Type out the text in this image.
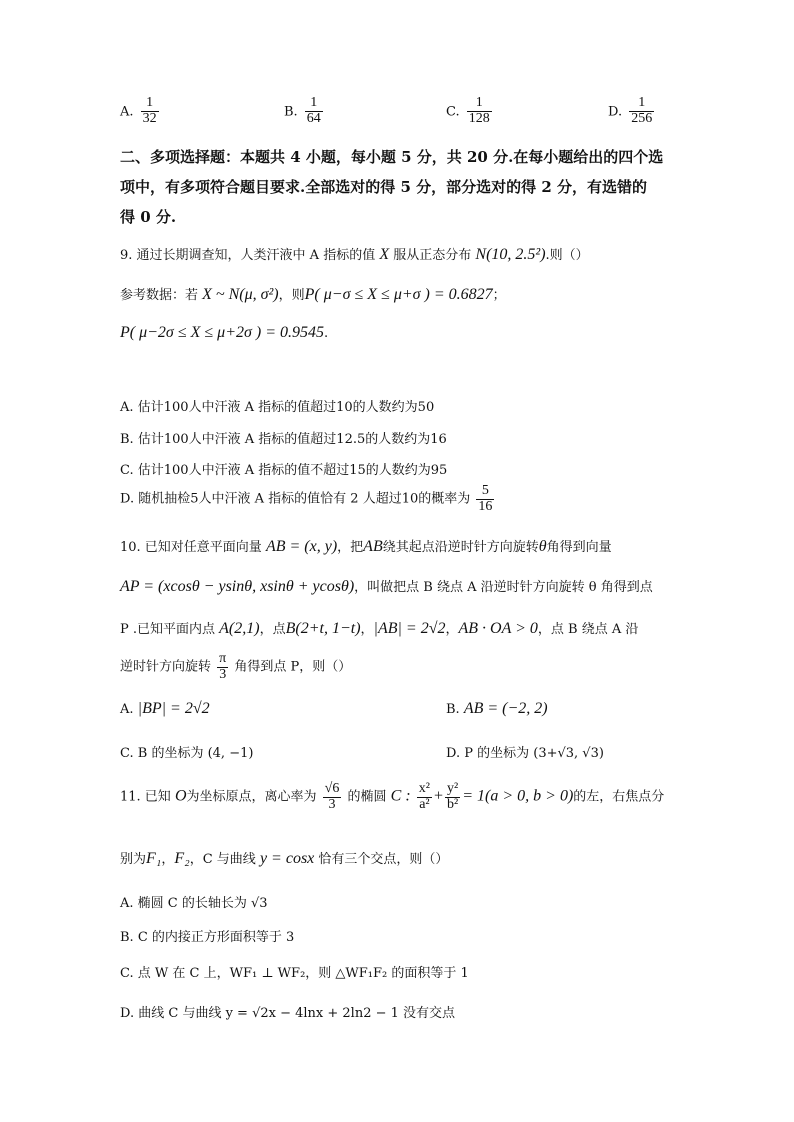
A. $\frac{1}{32}$	B. $\frac{1}{64}$	C. $\frac{1}{128}$	D. $\frac{1}{256}$
二、多项选择题：本题共 4 小题，每小题 5 分，共 20 分.在每小题给出的四个选
项中，有多项符合题目要求.全部选对的得 5 分，部分选对的得 2 分，有选错的
得 0 分.
9. 通过长期调查知，人类汗液中 A 指标的值 X 服从正态分布 N(10, 2.5²).则（）
参考数据：若 X ~ N(μ, σ²)，则P( μ−σ ≤ X ≤ μ+σ ) = 0.6827；
P( μ−2σ ≤ X ≤ μ+2σ ) = 0.9545.
A. 估计100人中汗液 A 指标的值超过10的人数约为50
B. 估计100人中汗液 A 指标的值超过12.5的人数约为16
C. 估计100人中汗液 A 指标的值不超过15的人数约为95
D. 随机抽检5人中汗液 A 指标的值恰有 2 人超过10的概率为 $\frac{5}{16}$
10. 已知对任意平面向量 AB = (x, y)，把AB绕其起点沿逆时针方向旋转θ角得到向量
AP = (xcosθ − ysinθ, xsinθ + ycosθ)，叫做把点 B 绕点 A 沿逆时针方向旋转 θ 角得到点
P .已知平面内点 A(2,1)，点B(2+t, 1−t)，|AB| = 2√2，AB · OA > 0，点 B 绕点 A 沿
逆时针方向旋转 $\frac{\pi}{3}$ 角得到点 P，则（）
A. |BP| = 2√2	B. AB = (−2, 2)
C. B 的坐标为 (4, −1)	D. P 的坐标为 (3+√3, √3)
11. 已知 O为坐标原点，离心率为 $\frac{√6}{3}$ 的椭圆 C : $\frac{\text{x²}}{\text{a²}} + \frac{\text{y²}}{\text{b²}} = 1(a > 0$, b > 0)的左，右焦点分
别为F₁，F₂，C 与曲线 y = cosx 恰有三个交点，则（）
A. 椭圆 C 的长轴长为 √3
B. C 的内接正方形面积等于 3
C. 点 W 在 C 上，WF₁ ⊥ WF₂，则 △WF₁F₂ 的面积等于 1
D. 曲线 C 与曲线 y = √2x − 4lnx + 2ln2 − 1 没有交点
